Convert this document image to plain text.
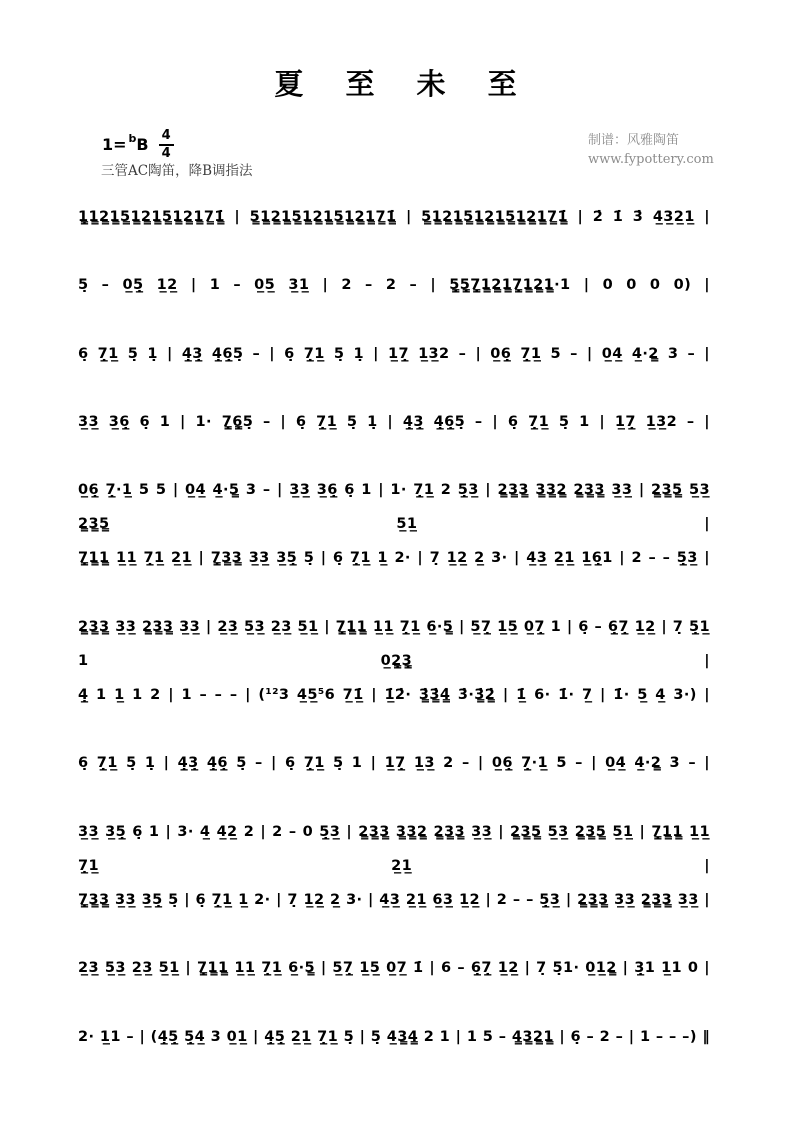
夏 至 未 至
1= b B $\frac{4}{4}$	制谱：风雅陶笛
www.fypottery.com
三管AC陶笛，降B调指法
1̳̣1̳2̳1̳5̳1̳2̳1̳5̳1̳2̳1̳7̳1̳̇ | 5̳1̳2̳1̳5̳1̳2̳1̳5̳1̳2̳1̳7̳1̳̇ | 5̳1̳2̳1̳5̳1̳2̳1̳5̳1̳2̳1̳7̳1̳̇ | 2̇ 1̇ 3̇ 4̲3̲2̲1̲ |
5̣ – 0̲5̲̣ 1̲2̲ | 1 – 0̲5̲ 3̲1̲ | 2 – 2 – | 5̳̣5̳̣7̳̣1̳2̳1̳7̳̣1̳2̳1̳·1 | 0 0 0 0) |
6̣ 7̲̣1̲ 5̣ 1̣ | 4̲̣3̲̣ 4̲̣6̲̣5̣ – | 6̣ 7̲̣1̲ 5̣ 1̣ | 1̲7̲̣ 1̲3̲2 – | 0̲6̲̣ 7̲̣1̲ 5 – | 0̲4̲ 4̲·2̳ 3 – |
3̲3̲ 3̲6̲̣ 6̣ 1 | 1· 7̳̣6̳̣5̣ – | 6̣ 7̲̣1̲ 5̣ 1̣ | 4̲̣3̲̣ 4̲̣6̲̣5̣ – | 6̣ 7̲̣1̲ 5̣ 1 | 1̲7̲̣ 1̲3̲2 – |
0̲6̲̣ 7̲̣·1̲ 5 5 | 0̲4̲ 4̲·5̳ 3 – | 3̲3̲ 3̲6̲̣ 6̣ 1 | 1· 7̲̣1̲ 2 5̲̣3̲ | 2̳3̳3̳ 3̳3̳2̳ 2̳3̳3̳ 3̲3̲ | 2̳3̳5̳ 5̲3̲ 2̳3̳5̳ 5̲1̲ |
7̳̣1̳1̳ 1̲1̲ 7̲̣1̲ 2̲1̲ | 7̳̣3̳3̳ 3̲3̲ 3̲5̲̣ 5̣ | 6̣ 7̲̣1̲ 1̲ 2· | 7̣ 1̲2̲ 2̲ 3· | 4̲3̲ 2̲1̲ 1̲6̲̣1 | 2 – – 5̲̣3̲ |
2̳3̳3̳ 3̲3̲ 2̳3̳3̳ 3̲3̲ | 2̲3̲ 5̲3̲ 2̲3̲ 5̲1̲ | 7̳̣1̳1̳ 1̲1̲ 7̲̣1̲ 6̲·5̳ | 5̲7̲̣ 1̲5̲ 0̲7̲̣ 1 | 6̣ – 6̲̣7̲̣ 1̲2̲ | 7̣ 5̲̣1̲ 1 0̲2̳̣3̳̣ |
4̲̣ 1 1̲ 1 2 | 1 – – – | (¹²3 4̲5̲⁵6 7̲1̲̇ | 1̲̇2̇· 3̳̇3̳̇4̳̇ 3̇·3̳̇2̳̇ | 1̲̇ 6· 1̇· 7̲ | 1̇· 5̲ 4̲ 3·) |
6̣ 7̲̣1̲ 5̣ 1̣ | 4̲̣3̲̣ 4̲̣6̲̣ 5̣ – | 6̣ 7̲̣1̲ 5̣ 1 | 1̲7̲̣ 1̲3̲ 2 – | 0̲6̲̣ 7̲̣·1̲ 5 – | 0̲4̲ 4̲·2̳ 3 – |
3̲3̲ 3̲5̲̣ 6̣ 1 | 3· 4̲ 4̲2̲ 2 | 2 – 0 5̲̣3̲ | 2̳3̳3̳ 3̳3̳2̳ 2̳3̳3̳ 3̲3̲ | 2̳3̳5̳ 5̲3̲ 2̳3̳5̳ 5̲1̲ | 7̳̣1̳1̳ 1̲1̲ 7̲̣1̲ 2̲1̲ |
7̳̣3̳3̳ 3̲3̲ 3̲5̲̣ 5̣ | 6̣ 7̲̣1̲ 1̲ 2· | 7̣ 1̲2̲ 2̲ 3· | 4̲3̲ 2̲1̲ 6̲3̲ 1̲2̲ | 2 – – 5̲̣3̲ | 2̳3̳3̳ 3̲3̲ 2̳3̳3̳ 3̲3̲ |
2̲3̲ 5̲3̲ 2̲3̲ 5̲1̲ | 7̳̣1̳1̳ 1̲1̲ 7̲̣1̲ 6̲·5̳ | 5̲7̲̣ 1̲5̲ 0̲7̲ 1̇ | 6 – 6̲̣7̲̣ 1̲2̲ | 7̣ 5̣1· 0̲1̲2̳ | 3̲̣1 1̲1 0 |
2· 1̲1 – | (4̲̣5̲̣ 5̲̣4̲ 3 0̲1̲ | 4̲̣5̲̣ 2̲1̲ 7̲̣1̲ 5̣ | 5̣ 4̲3̳4̳ 2 1 | 1 5 – 4̳3̳2̳1̳ | 6̣ – 2 – | 1 – – –) ‖
